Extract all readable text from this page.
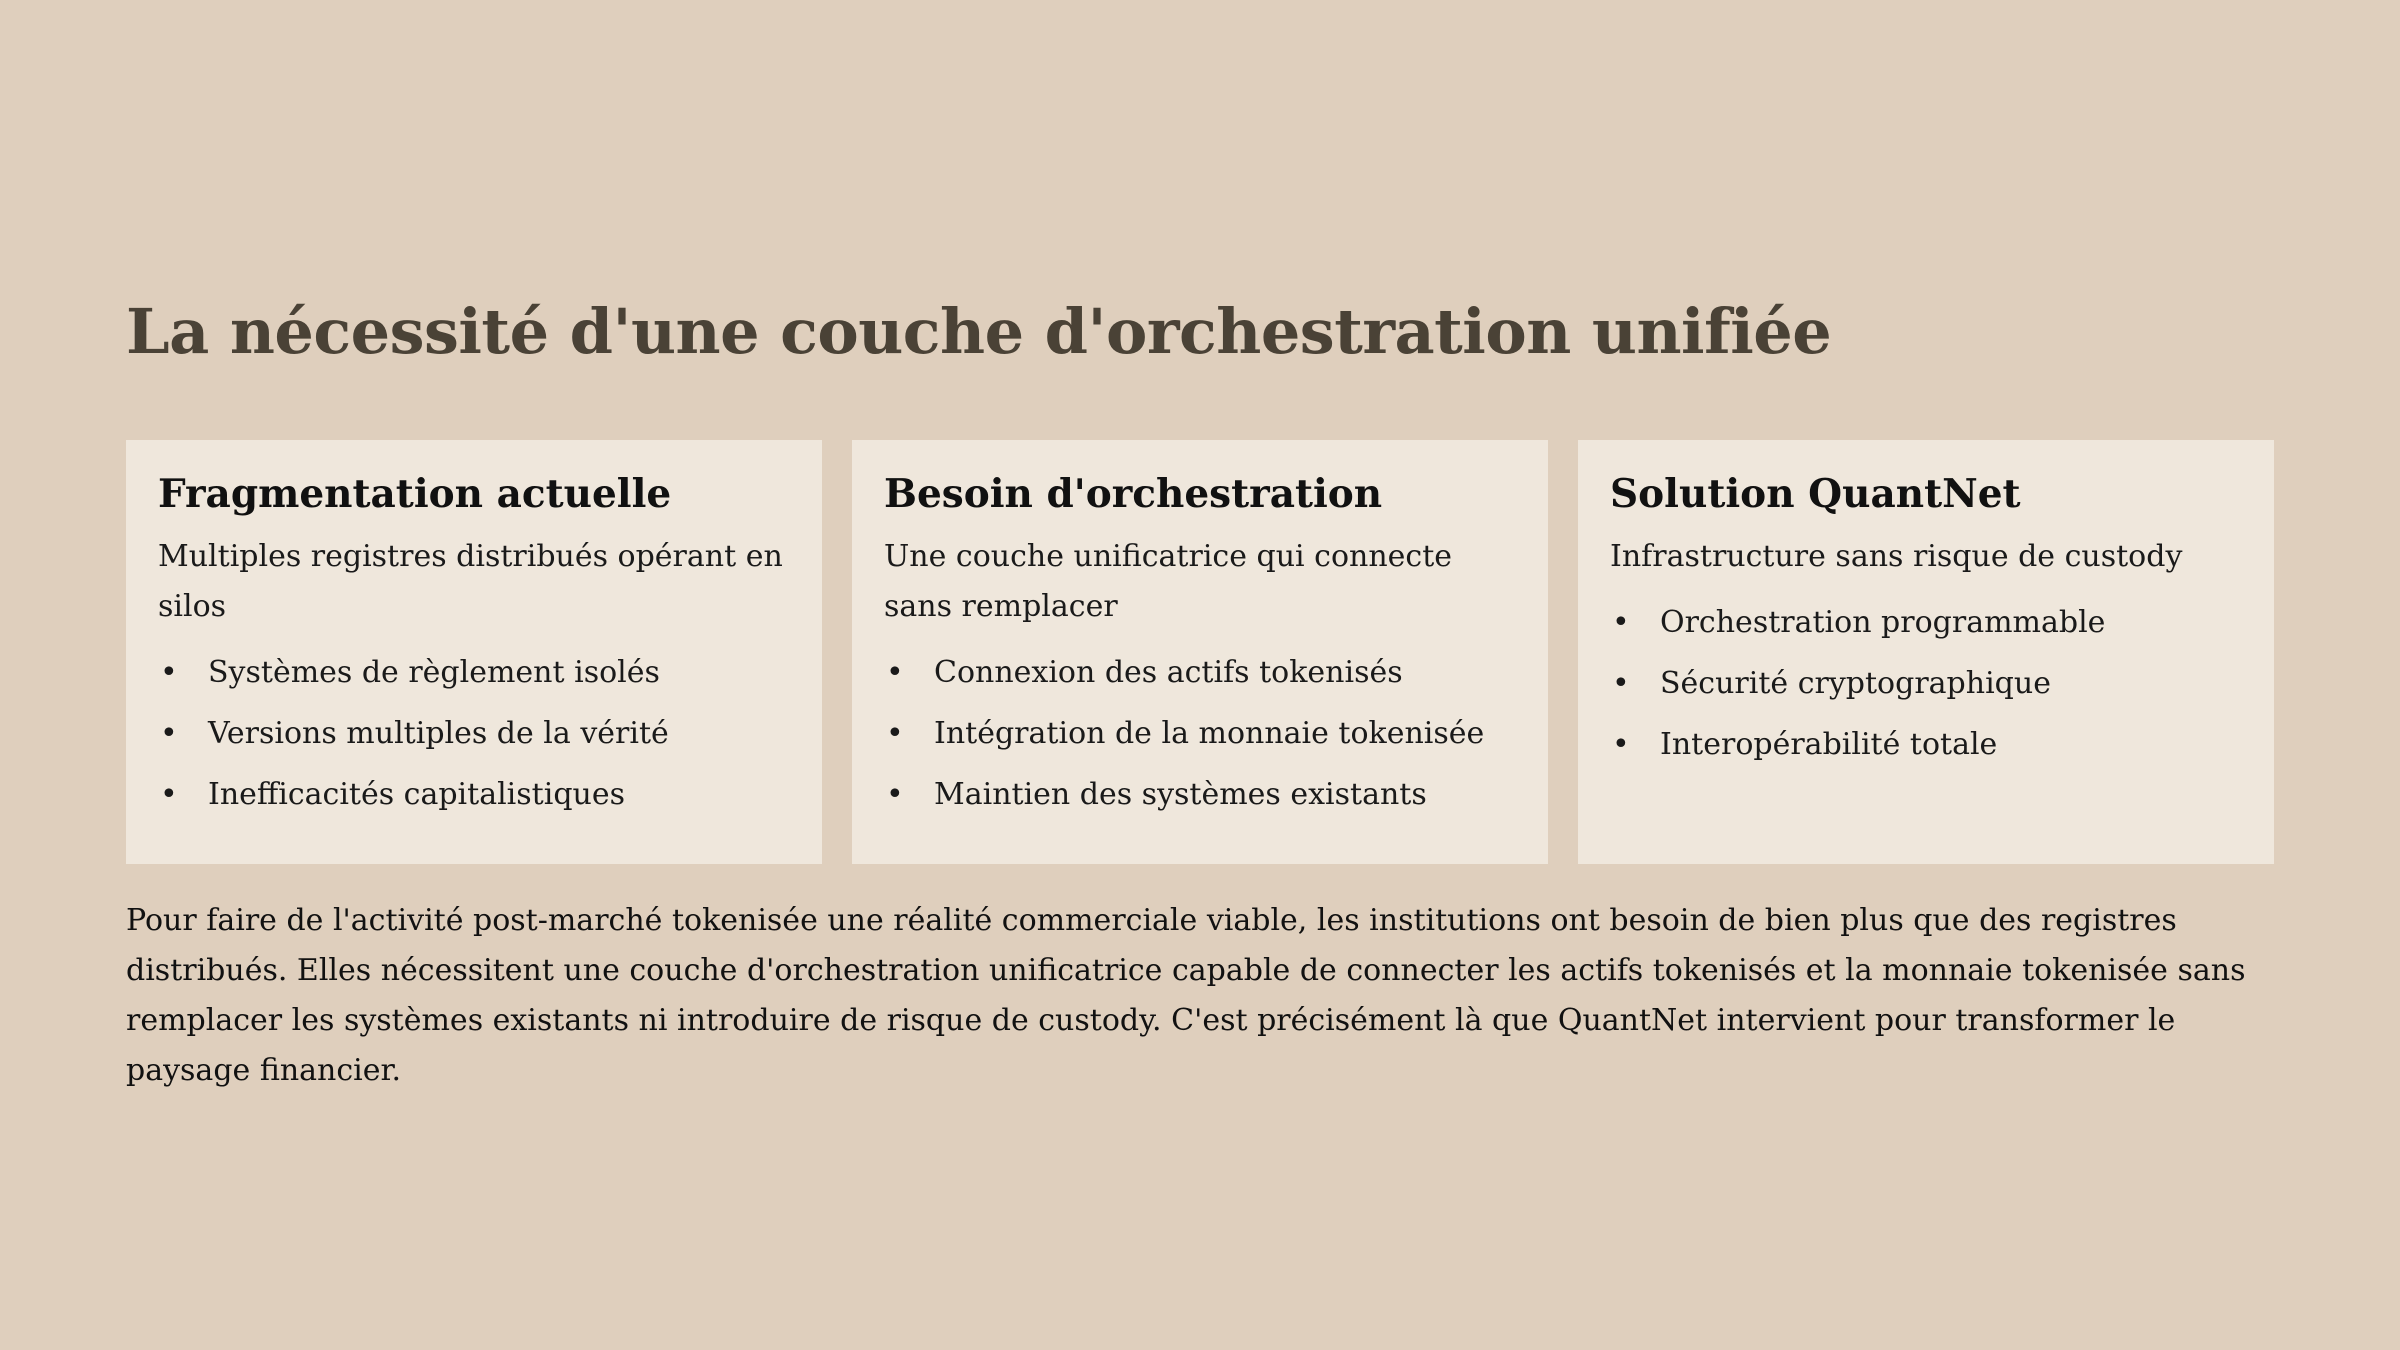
La nécessité d'une couche d'orchestration unifiée
Fragmentation actuelle

Multiples registres distribués opérant en silos

• Systèmes de règlement isolés
• Versions multiples de la vérité
• Inefficacités capitalistiques
Besoin d'orchestration

Une couche unificatrice qui connecte sans remplacer

• Connexion des actifs tokenisés
• Intégration de la monnaie tokenisée
• Maintien des systèmes existants
Solution QuantNet

Infrastructure sans risque de custody

• Orchestration programmable
• Sécurité cryptographique
• Interopérabilité totale

Pour faire de l'activité post-marché tokenisée une réalité commerciale viable, les institutions ont besoin de bien plus que des registres distribués. Elles nécessitent une couche d'orchestration unificatrice capable de connecter les actifs tokenisés et la monnaie tokenisée sans remplacer les systèmes existants ni introduire de risque de custody. C'est précisément là que QuantNet intervient pour transformer le paysage financier.
